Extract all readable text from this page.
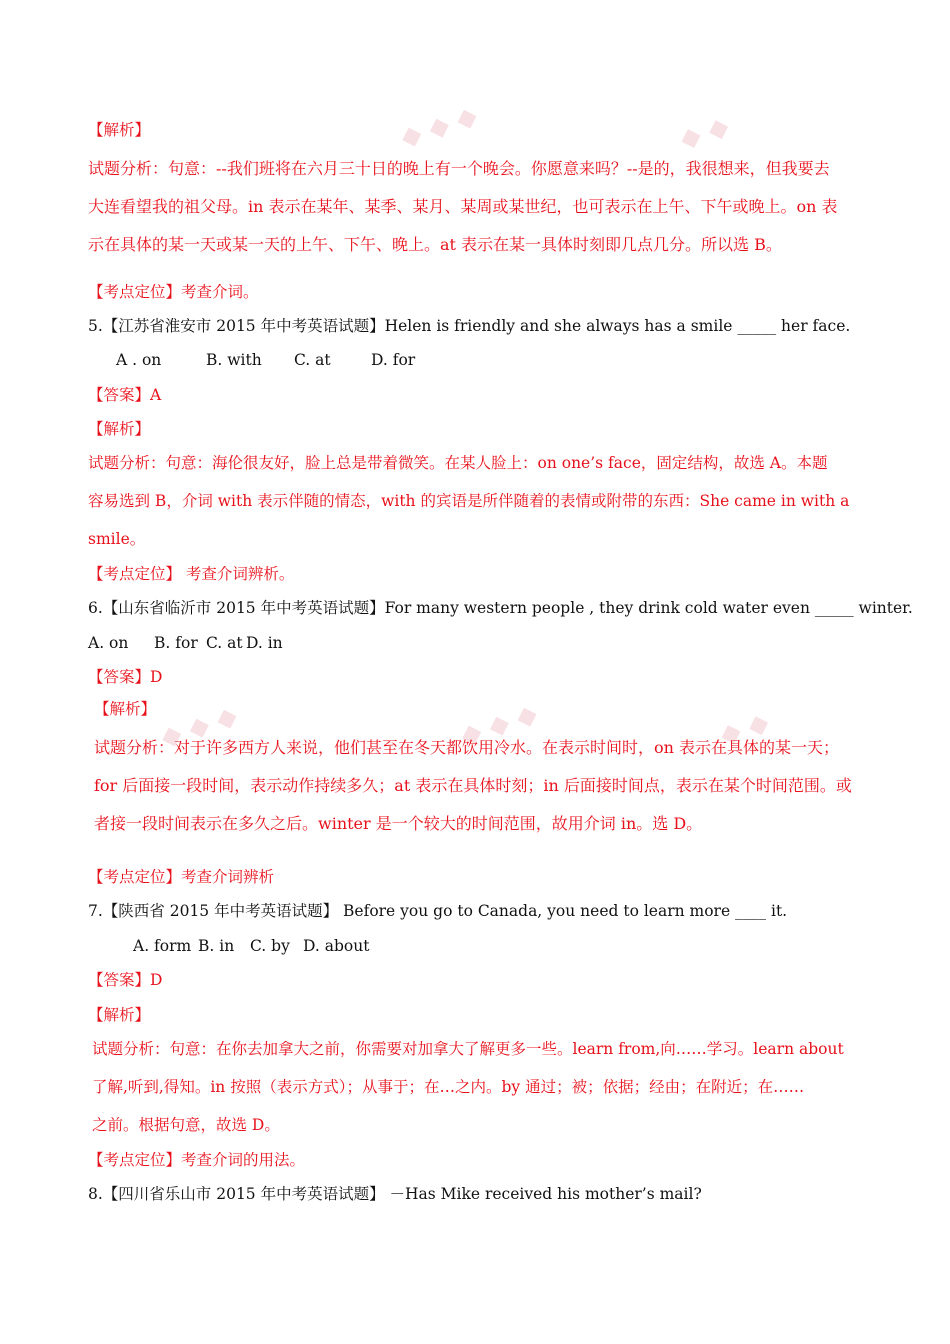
◆ ◆ ◆	◆ ◆
◆ ◆ ◆	◆ ◆ ◆	◆ ◆
【解析】
试题分析：句意：--我们班将在六月三十日的晚上有一个晚会。你愿意来吗？--是的，我很想来，但我要去
大连看望我的祖父母。in 表示在某年、某季、某月、某周或某世纪，也可表示在上午、下午或晚上。on 表
示在具体的某一天或某一天的上午、下午、晚上。at 表示在某一具体时刻即几点几分。所以选 B。
【考点定位】考查介词。
5.【江苏省淮安市 2015 年中考英语试题】Helen is friendly and she always has a smile _____ her face.
A . on	B. with C. at	D. for
【答案】A
【解析】
试题分析：句意：海伦很友好，脸上总是带着微笑。在某人脸上：on one’s face，固定结构，故选 A。本题
容易选到 B，介词 with 表示伴随的情态，with 的宾语是所伴随着的表情或附带的东西：She came in with a
smile。
【考点定位】 考查介词辨析。
6.【山东省临沂市 2015 年中考英语试题】For many western people , they drink cold water even _____ winter.
A. on B. for C. at D. in
【答案】D
【解析】
试题分析：对于许多西方人来说，他们甚至在冬天都饮用冷水。在表示时间时，on 表示在具体的某一天；
for 后面接一段时间，表示动作持续多久；at 表示在具体时刻；in 后面接时间点，表示在某个时间范围。或
者接一段时间表示在多久之后。winter 是一个较大的时间范围，故用介词 in。选 D。
【考点定位】考查介词辨析
7.【陕西省 2015 年中考英语试题】 Before you go to Canada, you need to learn more ____ it.
A. form B. in C. by D. about
【答案】D
【解析】
试题分析：句意：在你去加拿大之前，你需要对加拿大了解更多一些。learn from,向……学习。learn about
了解,听到,得知。in 按照（表示方式）；从事于；在…之内。by 通过；被；依据；经由；在附近；在……
之前。根据句意，故选 D。
【考点定位】考查介词的用法。
8.【四川省乐山市 2015 年中考英语试题】 －Has Mike received his mother’s mail?
